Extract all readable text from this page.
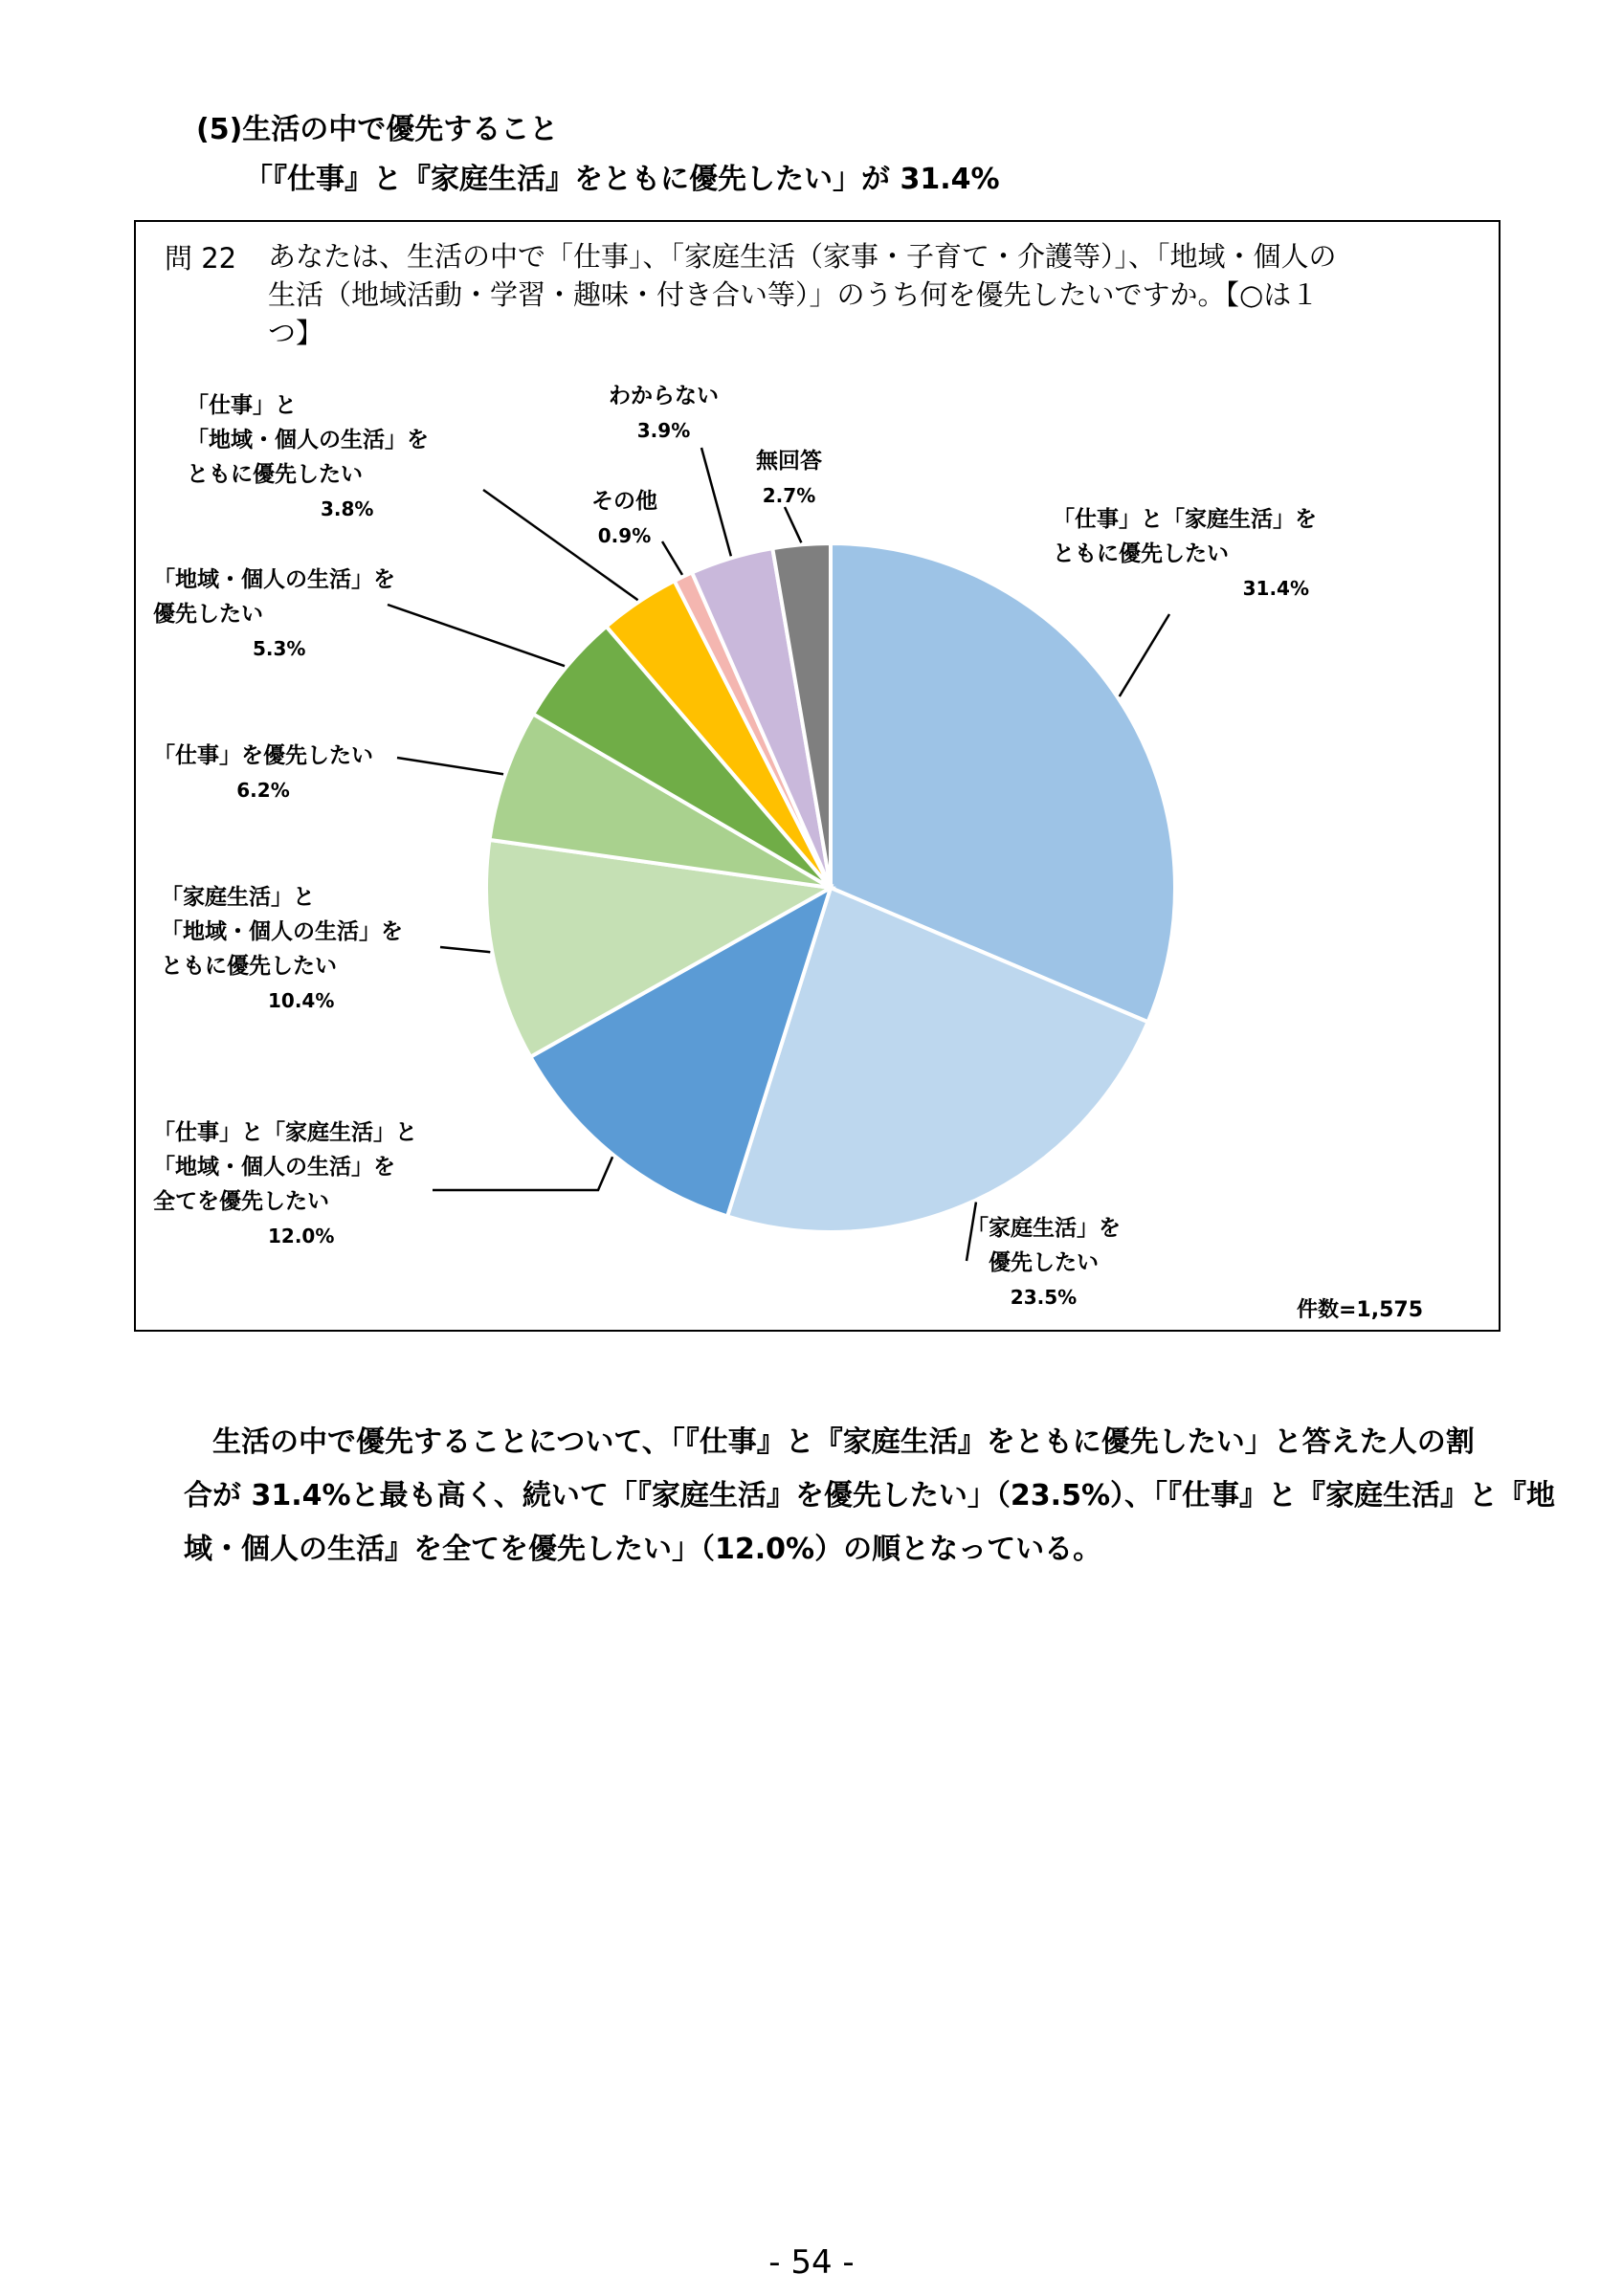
(5)生活の中で優先すること
「『仕事』と『家庭生活』をともに優先したい」が 31.4%
問 22 あなたは、生活の中で「仕事」、「家庭生活（家事・子育て・介護等）」、「地域・個人の
生活（地域活動・学習・趣味・付き合い等）」のうち何を優先したいですか。【○は１
つ】
「仕事」と「家庭生活」を
ともに優先したい
31.4%
「家庭生活」を
優先したい
23.5%
「仕事」と「家庭生活」と
「地域・個人の生活」を
全てを優先したい
12.0%
「家庭生活」と
「地域・個人の生活」を
ともに優先したい
10.4%
「仕事」を優先したい
6.2%
「地域・個人の生活」を
優先したい
5.3%
「仕事」と
「地域・個人の生活」を
ともに優先したい
3.8%	その他
0.9%
わからない
3.9%
無回答
2.7%
件数=1,575
　生活の中で優先することについて、「『仕事』と『家庭生活』をともに優先したい」と答えた人の割
合が 31.4%と最も高く、続いて「『家庭生活』を優先したい」（23.5%）、「『仕事』と『家庭生活』と『地
域・個人の生活』を全てを優先したい」（12.0%）の順となっている。
- 54 -
